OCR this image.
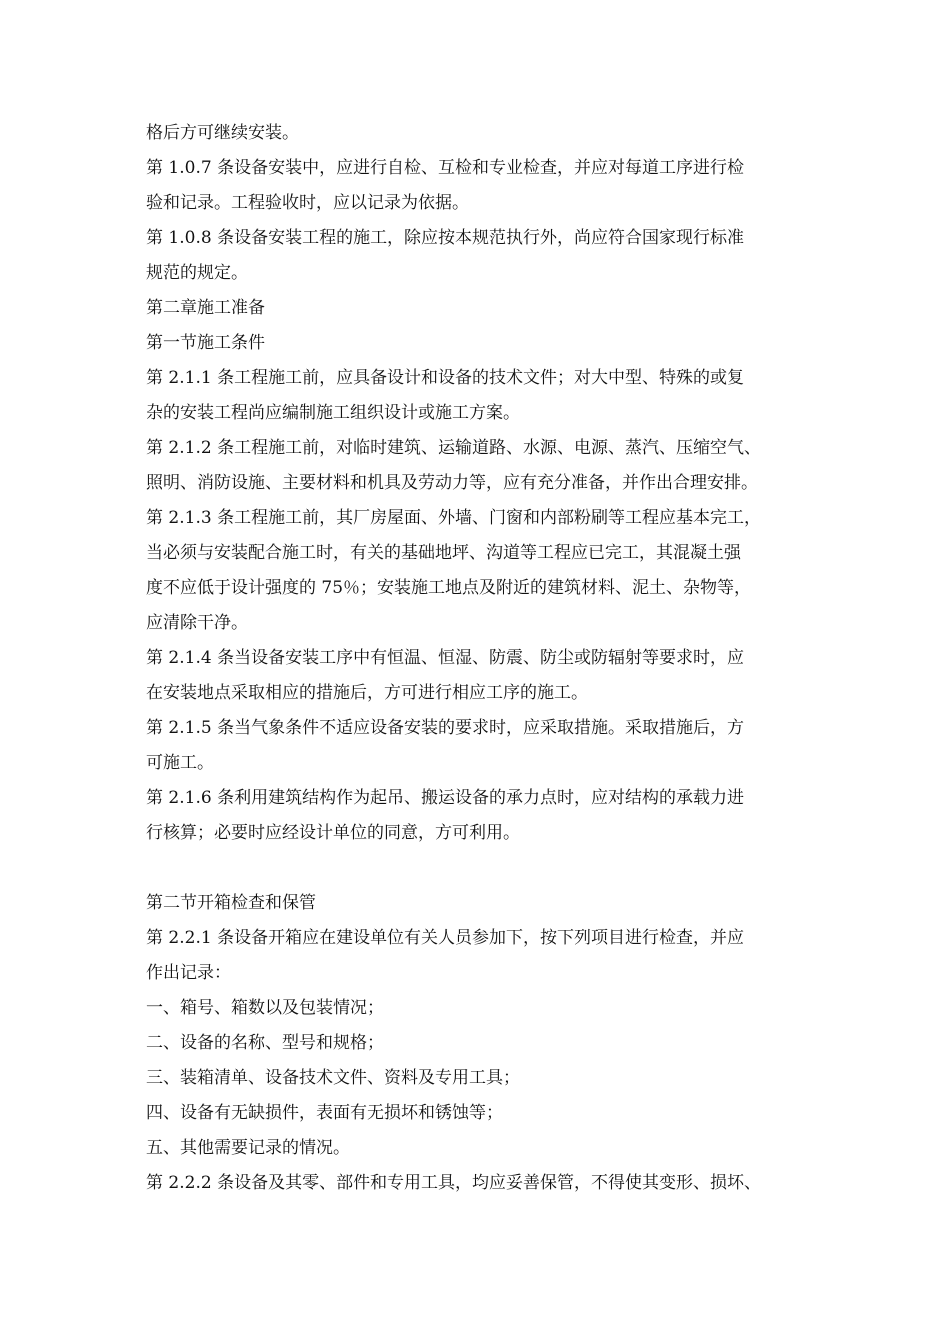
格后方可继续安装。
第 1.0.7 条设备安装中，应进行自检、互检和专业检查，并应对每道工序进行检
验和记录。工程验收时，应以记录为依据。
第 1.0.8 条设备安装工程的施工，除应按本规范执行外，尚应符合国家现行标准
规范的规定。
第二章施工准备
第一节施工条件
第 2.1.1 条工程施工前，应具备设计和设备的技术文件；对大中型、特殊的或复
杂的安装工程尚应编制施工组织设计或施工方案。
第 2.1.2 条工程施工前，对临时建筑、运输道路、水源、电源、蒸汽、压缩空气、
照明、消防设施、主要材料和机具及劳动力等，应有充分准备，并作出合理安排。
第 2.1.3 条工程施工前，其厂房屋面、外墙、门窗和内部粉刷等工程应基本完工，
当必须与安装配合施工时，有关的基础地坪、沟道等工程应已完工，其混凝土强
度不应低于设计强度的 75％；安装施工地点及附近的建筑材料、泥土、杂物等，
应清除干净。
第 2.1.4 条当设备安装工序中有恒温、恒湿、防震、防尘或防辐射等要求时，应
在安装地点采取相应的措施后，方可进行相应工序的施工。
第 2.1.5 条当气象条件不适应设备安装的要求时，应采取措施。采取措施后，方
可施工。
第 2.1.6 条利用建筑结构作为起吊、搬运设备的承力点时，应对结构的承载力进
行核算；必要时应经设计单位的同意，方可利用。
第二节开箱检查和保管
第 2.2.1 条设备开箱应在建设单位有关人员参加下，按下列项目进行检查，并应
作出记录：
一、箱号、箱数以及包装情况；
二、设备的名称、型号和规格；
三、装箱清单、设备技术文件、资料及专用工具；
四、设备有无缺损件，表面有无损坏和锈蚀等；
五、其他需要记录的情况。
第 2.2.2 条设备及其零、部件和专用工具，均应妥善保管，不得使其变形、损坏、
